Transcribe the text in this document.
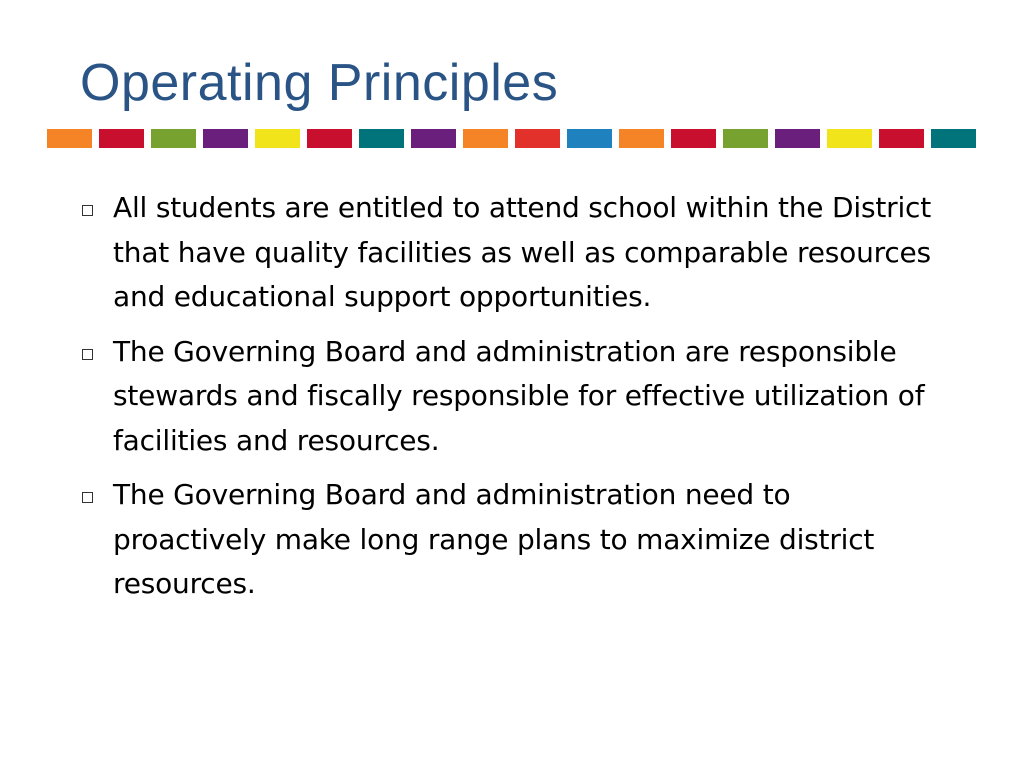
Operating Principles
All students are entitled to attend school within the District that have quality facilities as well as comparable resources and educational support opportunities.
The Governing Board and administration are responsible stewards and fiscally responsible for effective utilization of facilities and resources.
The Governing Board and administration need to proactively make long range plans to maximize district resources.
